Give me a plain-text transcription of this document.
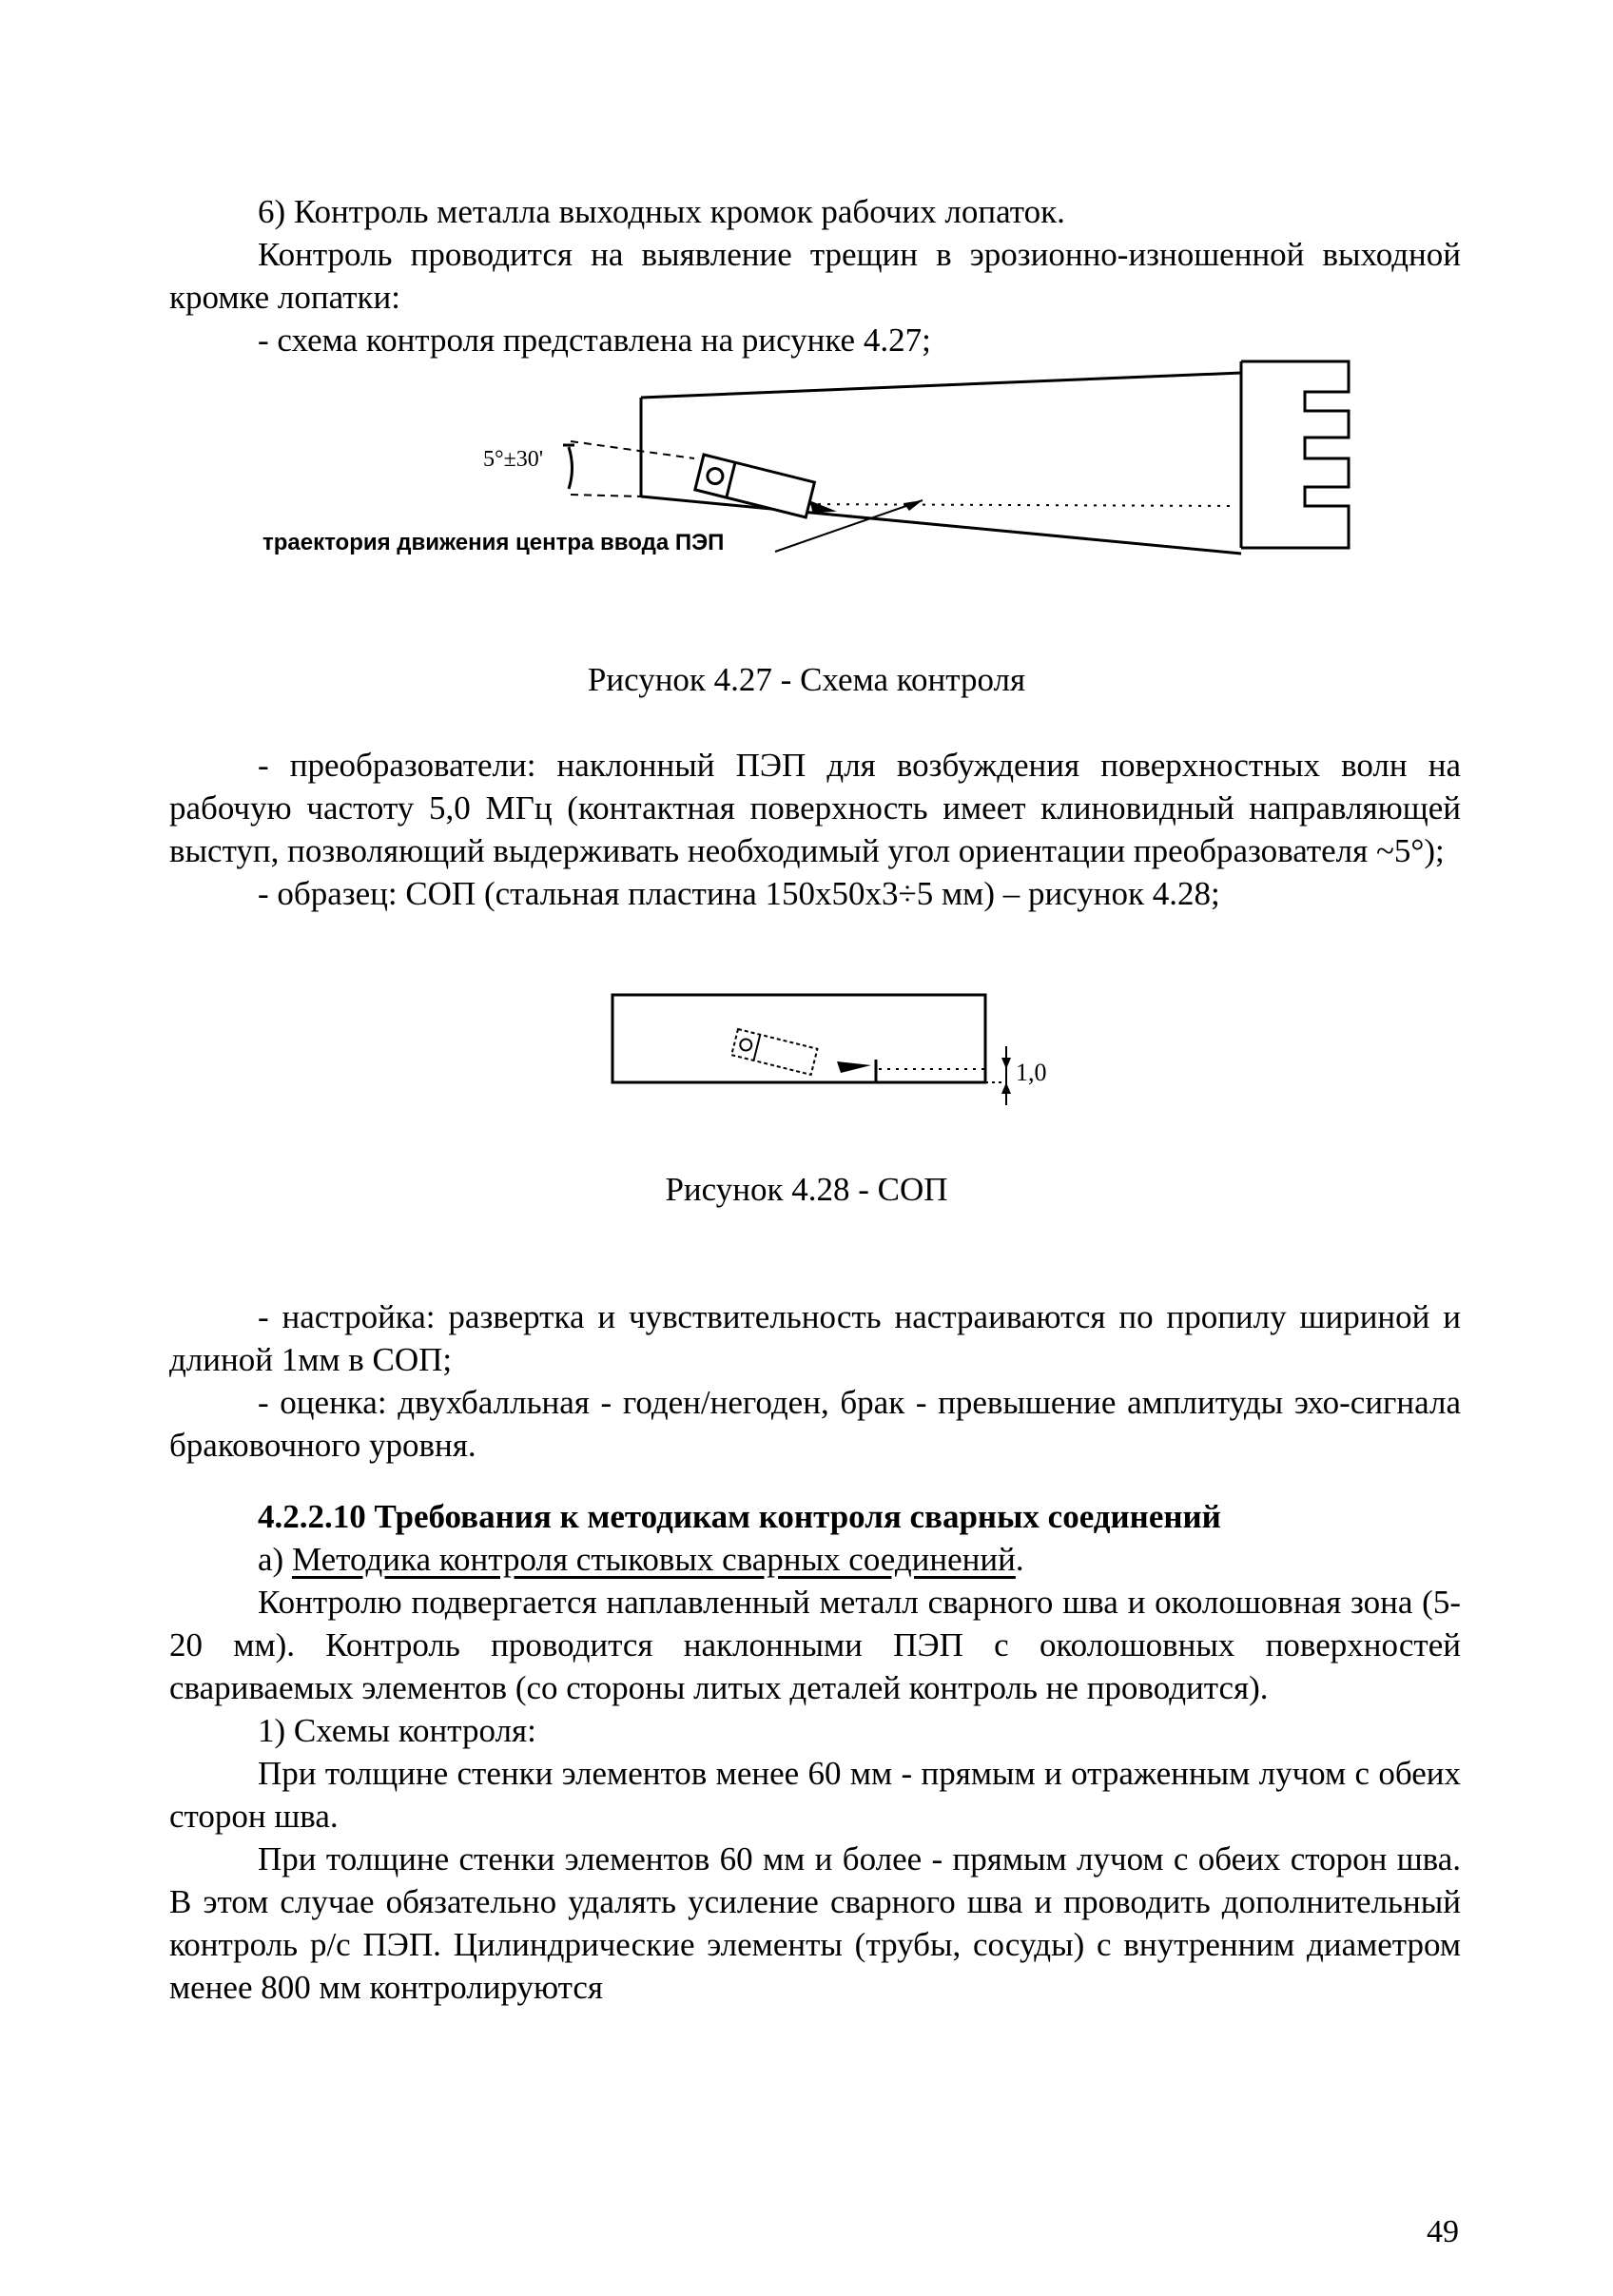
6) Контроль металла выходных кромок рабочих лопаток.

Контроль проводится на выявление трещин в эрозионно-изношенной выходной кромке лопатки:

- схема контроля представлена на рисунке 4.27;

5°±30'
траектория движения центра ввода ПЭП
Рисунок 4.27 - Схема контроля

- преобразователи: наклонный ПЭП для возбуждения поверхностных волн на рабочую частоту 5,0 МГц (контактная поверхность имеет клиновидный направляющей выступ, позволяющий выдерживать необходимый угол ориентации преобразователя ~5°);

- образец: СОП (стальная пластина 150x50x3÷5 мм) – рисунок 4.28;

1,0
Рисунок 4.28 - СОП

- настройка: развертка и чувствительность настраиваются по пропилу шириной и длиной 1мм в СОП;

- оценка: двухбалльная - годен/негоден, брак - превышение амплитуды эхо-сигнала браковочного уровня.

4.2.2.10 Требования к методикам контроля сварных соединений

а) Методика контроля стыковых сварных соединений.

Контролю подвергается наплавленный металл сварного шва и околошовная зона (5-20 мм). Контроль проводится наклонными ПЭП с околошовных поверхностей свариваемых элементов (со стороны литых деталей контроль не проводится).

1) Схемы контроля:

При толщине стенки элементов менее 60 мм - прямым и отраженным лучом с обеих сторон шва.

При толщине стенки элементов 60 мм и более - прямым лучом с обеих сторон шва. В этом случае обязательно удалять усиление сварного шва и проводить дополнительный контроль р/с ПЭП. Цилиндрические элементы (трубы, сосуды) с внутренним диаметром менее 800 мм контролируются

49
